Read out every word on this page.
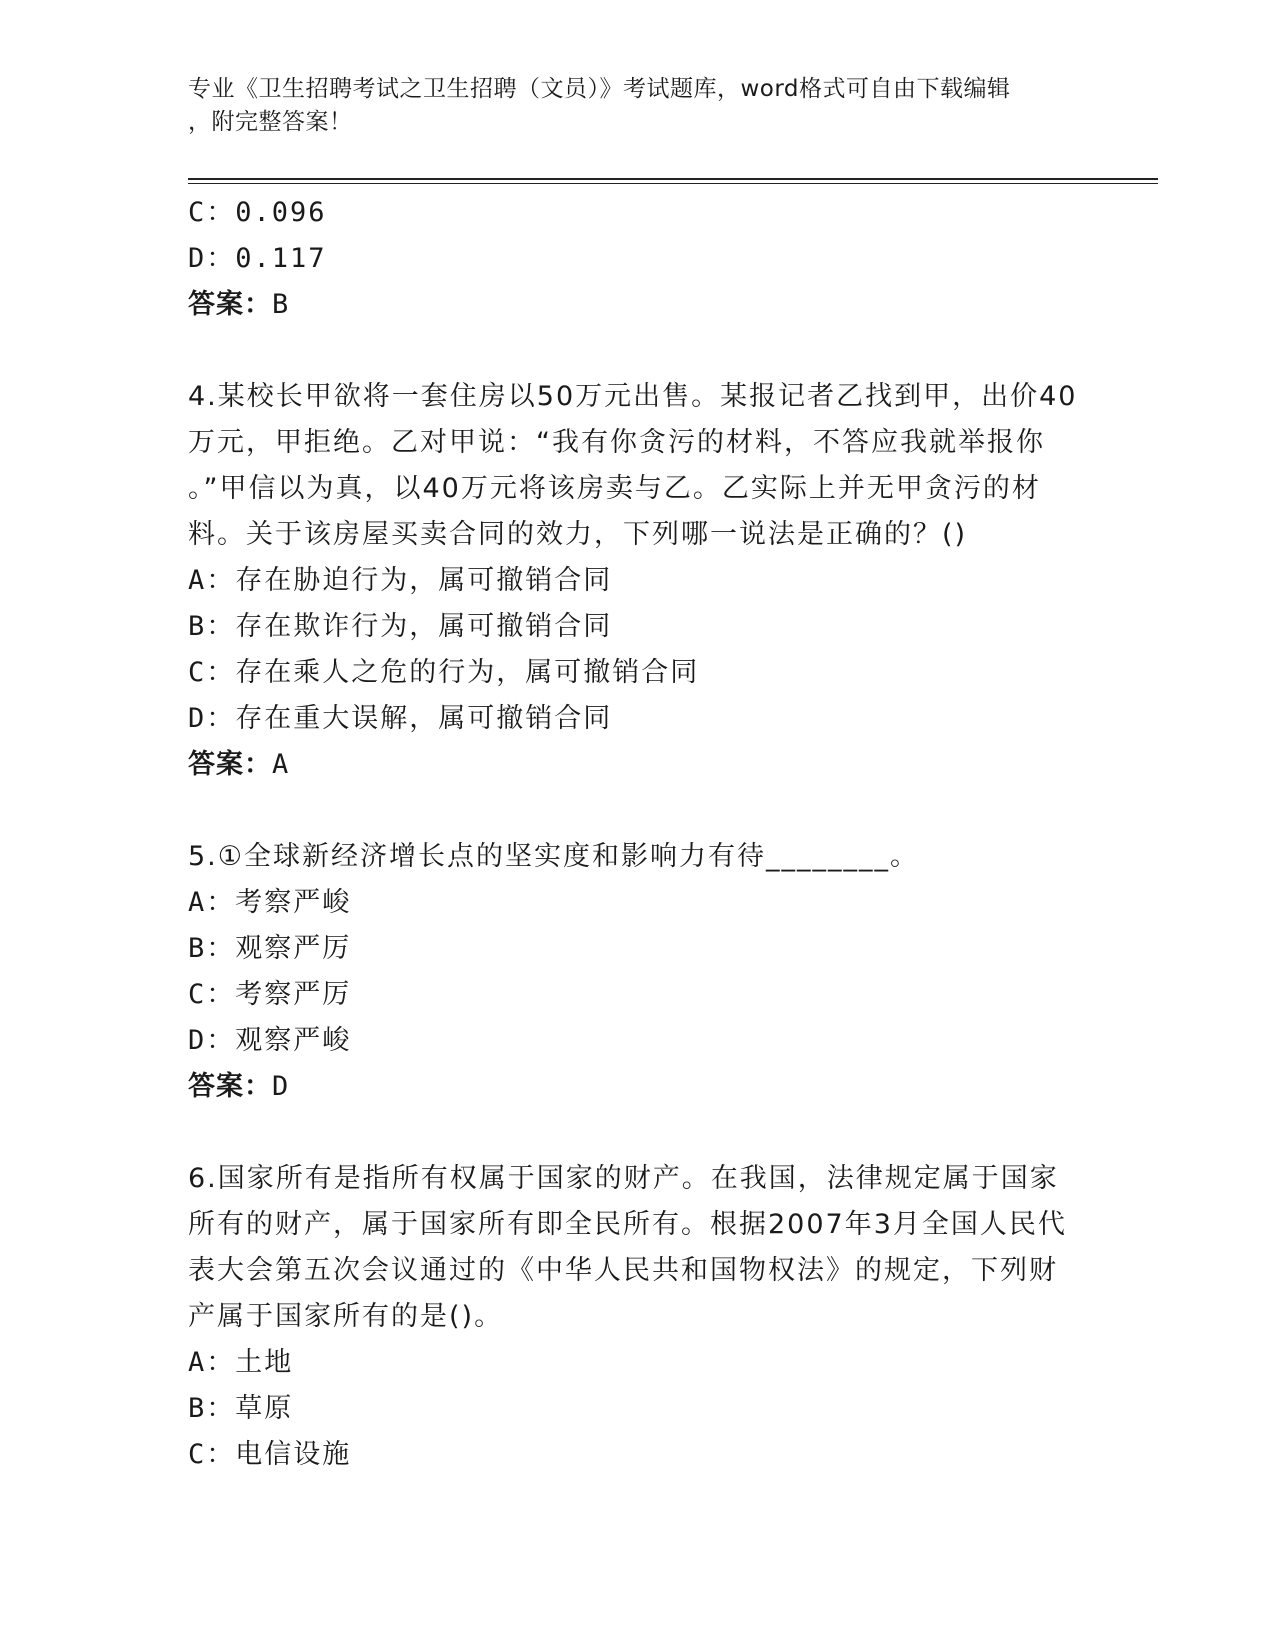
专业《卫生招聘考试之卫生招聘（文员）》考试题库，word格式可自由下载编辑
，附完整答案！
C：0.096
D：0.117
答案：B
4.某校长甲欲将一套住房以50万元出售。某报记者乙找到甲，出价40
万元，甲拒绝。乙对甲说：“我有你贪污的材料，不答应我就举报你
。”甲信以为真，以40万元将该房卖与乙。乙实际上并无甲贪污的材
料。关于该房屋买卖合同的效力，下列哪一说法是正确的？()
A：存在胁迫行为，属可撤销合同
B：存在欺诈行为，属可撤销合同
C：存在乘人之危的行为，属可撤销合同
D：存在重大误解，属可撤销合同
答案：A
5.①全球新经济增长点的坚实度和影响力有待________。
A：考察严峻
B：观察严厉
C：考察严厉
D：观察严峻
答案：D
6.国家所有是指所有权属于国家的财产。在我国，法律规定属于国家
所有的财产，属于国家所有即全民所有。根据2007年3月全国人民代
表大会第五次会议通过的《中华人民共和国物权法》的规定，下列财
产属于国家所有的是()。
A：土地
B：草原
C：电信设施
